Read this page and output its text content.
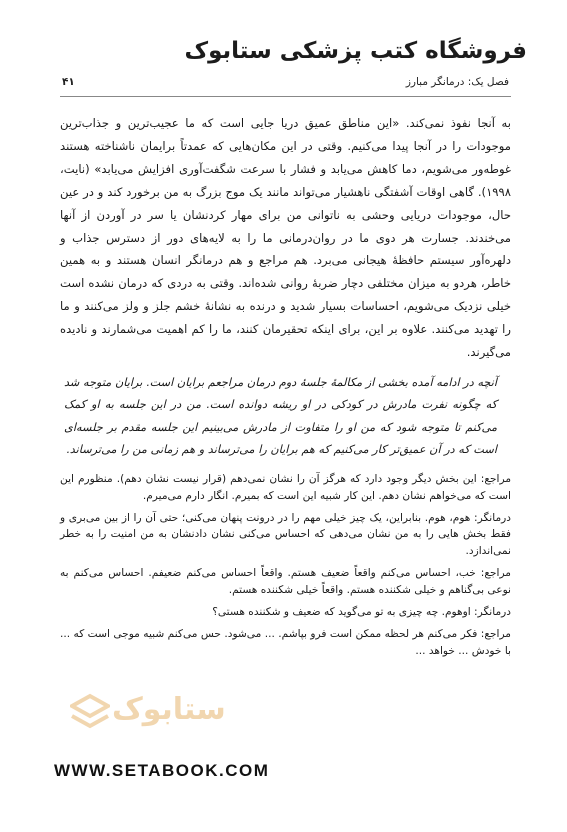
فروشگاه کتب پزشکی ستابوک
فصل یک: درمانگر مبارز
۴۱

به آنجا نفوذ نمی‌کند. «این مناطق عمیق دریا جایی است که ما عجیب‌ترین و جذاب‌ترین موجودات را در آنجا پیدا می‌کنیم. وقتی در این مکان‌هایی که عمدتاً برایمان ناشناخته هستند غوطه‌ور می‌شویم، دما کاهش می‌یابد و فشار با سرعت شگفت‌آوری افزایش می‌یابد» (نایت، ۱۹۹۸). گاهی اوقات آشفتگی ناهشیار می‌تواند مانند یک موج بزرگ به من برخورد کند و در عین حال، موجودات دریایی وحشی به ناتوانی من برای مهار کردنشان یا سر در آوردن از آنها می‌خندند. جسارت هر دوی ما در روان‌درمانی ما را به لایه‌های دور از دسترس جذاب و دلهره‌آور سیستم حافظهٔ هیجانی می‌برد. هم مراجع و هم درمانگر انسان هستند و به همین خاطر، هردو به میزان مختلفی دچار ضربهٔ روانی شده‌اند. وقتی به دردی که درمان نشده است خیلی نزدیک می‌شویم، احساسات بسیار شدید و درنده به نشانهٔ خشم جلز و ولز می‌کنند و ما را تهدید می‌کنند. علاوه بر این، برای اینکه تحقیرمان کنند، ما را کم اهمیت می‌شمارند و نادیده می‌گیرند.

آنچه در ادامه آمده بخشی از مکالمهٔ جلسهٔ دوم درمان مراجعم برایان است. برایان متوجه شد که چگونه نفرت مادرش در کودکی در او ریشه دوانده است. من در این جلسه به او کمک می‌کنم تا متوجه شود که من او را متفاوت از مادرش می‌بینیم این جلسه مقدم بر جلسه‌ای است که در آن عمیق‌تر کار می‌کنیم که هم برایان را می‌ترساند و هم زمانی من را می‌ترساند.

مراجع: این بخش دیگر وجود دارد که هرگز آن را نشان نمی‌دهم (قرار نیست نشان دهم). منظورم این است که می‌خواهم نشان دهم. این کار شبیه این است که بمیرم. انگار دارم می‌میرم.

درمانگر: هوم، هوم. بنابراین، یک چیز خیلی مهم را در درونت پنهان می‌کنی؛ حتی آن را از بین می‌بری و فقط بخش هایی را به من نشان می‌دهی که احساس می‌کنی نشان دادنشان به من امنیت را به خطر نمی‌اندازد.

مراجع: خب، احساس می‌کنم واقعاً ضعیف هستم. واقعاً احساس می‌کنم ضعیفم. احساس می‌کنم به نوعی بی‌گناهم و خیلی شکننده هستم. واقعاً خیلی شکننده هستم.

درمانگر: اوهوم. چه چیزی به تو می‌گوید که ضعیف و شکننده هستی؟

مراجع: فکر می‌کنم هر لحظه ممکن است فرو بپاشم. ... می‌شود. حس می‌کنم شبیه موجی است که ... با خودش ... خواهد ...

ستابوک
WWW.SETABOOK.COM
